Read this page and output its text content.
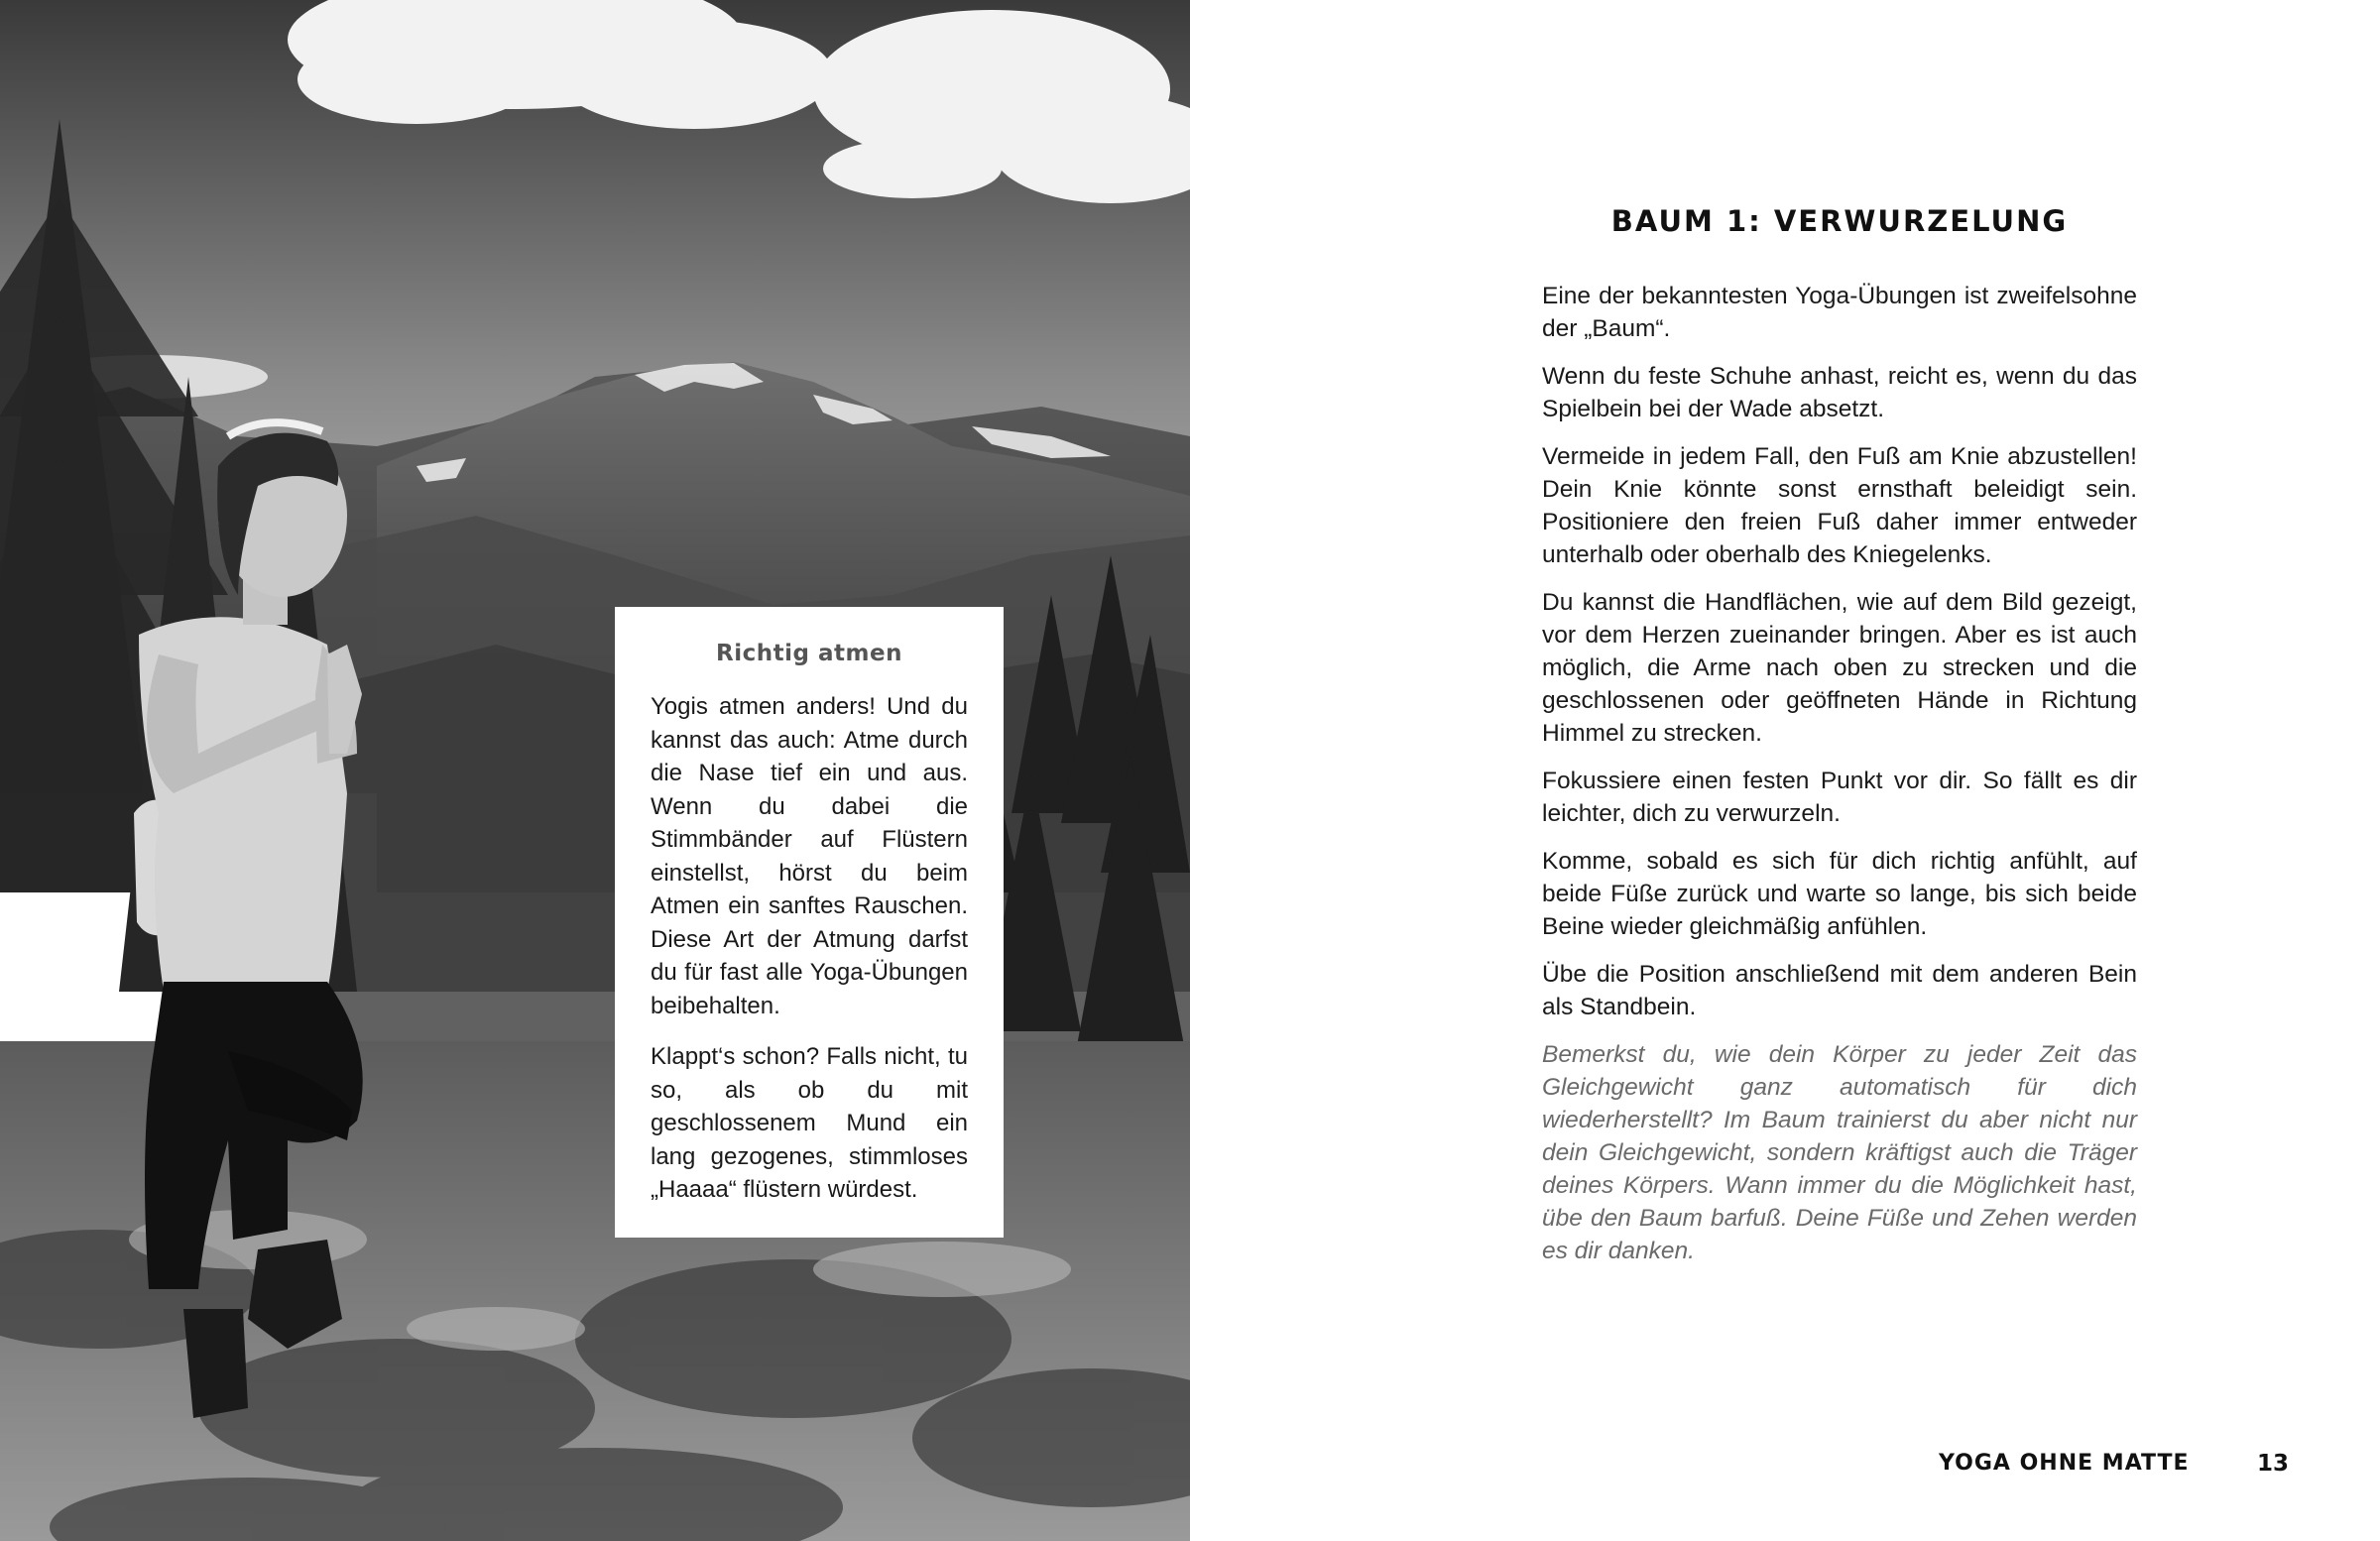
Richtig atmen

Yogis atmen anders! Und du kannst das auch: Atme durch die Nase tief ein und aus. Wenn du dabei die Stimmbänder auf Flüstern einstellst, hörst du beim Atmen ein sanftes Rauschen. Diese Art der Atmung darfst du für fast alle Yoga-Übungen beibehalten.

Klappt‘s schon? Falls nicht, tu so, als ob du mit geschlossenem Mund ein lang gezogenes, stimmloses „Haaaa“ flüstern würdest.

BAUM 1: VERWURZELUNG

Eine der bekanntesten Yoga-Übungen ist zweifelsohne der „Baum“.

Wenn du feste Schuhe anhast, reicht es, wenn du das Spielbein bei der Wade absetzt.

Vermeide in jedem Fall, den Fuß am Knie abzustellen! Dein Knie könnte sonst ernsthaft beleidigt sein. Positioniere den freien Fuß daher immer entweder unterhalb oder oberhalb des Kniegelenks.

Du kannst die Handflächen, wie auf dem Bild gezeigt, vor dem Herzen zueinander bringen. Aber es ist auch möglich, die Arme nach oben zu strecken und die geschlossenen oder geöffneten Hände in Richtung Himmel zu strecken.

Fokussiere einen festen Punkt vor dir. So fällt es dir leichter, dich zu verwurzeln.

Komme, sobald es sich für dich richtig anfühlt, auf beide Füße zurück und warte so lange, bis sich beide Beine wieder gleichmäßig anfühlen.

Übe die Position anschließend mit dem anderen Bein als Standbein.

Bemerkst du, wie dein Körper zu jeder Zeit das Gleichgewicht ganz automatisch für dich wiederherstellt? Im Baum trainierst du aber nicht nur dein Gleichgewicht, sondern kräftigst auch die Träger deines Körpers. Wann immer du die Möglichkeit hast, übe den Baum barfuß. Deine Füße und Zehen werden es dir danken.

YOGA OHNE MATTE	13
